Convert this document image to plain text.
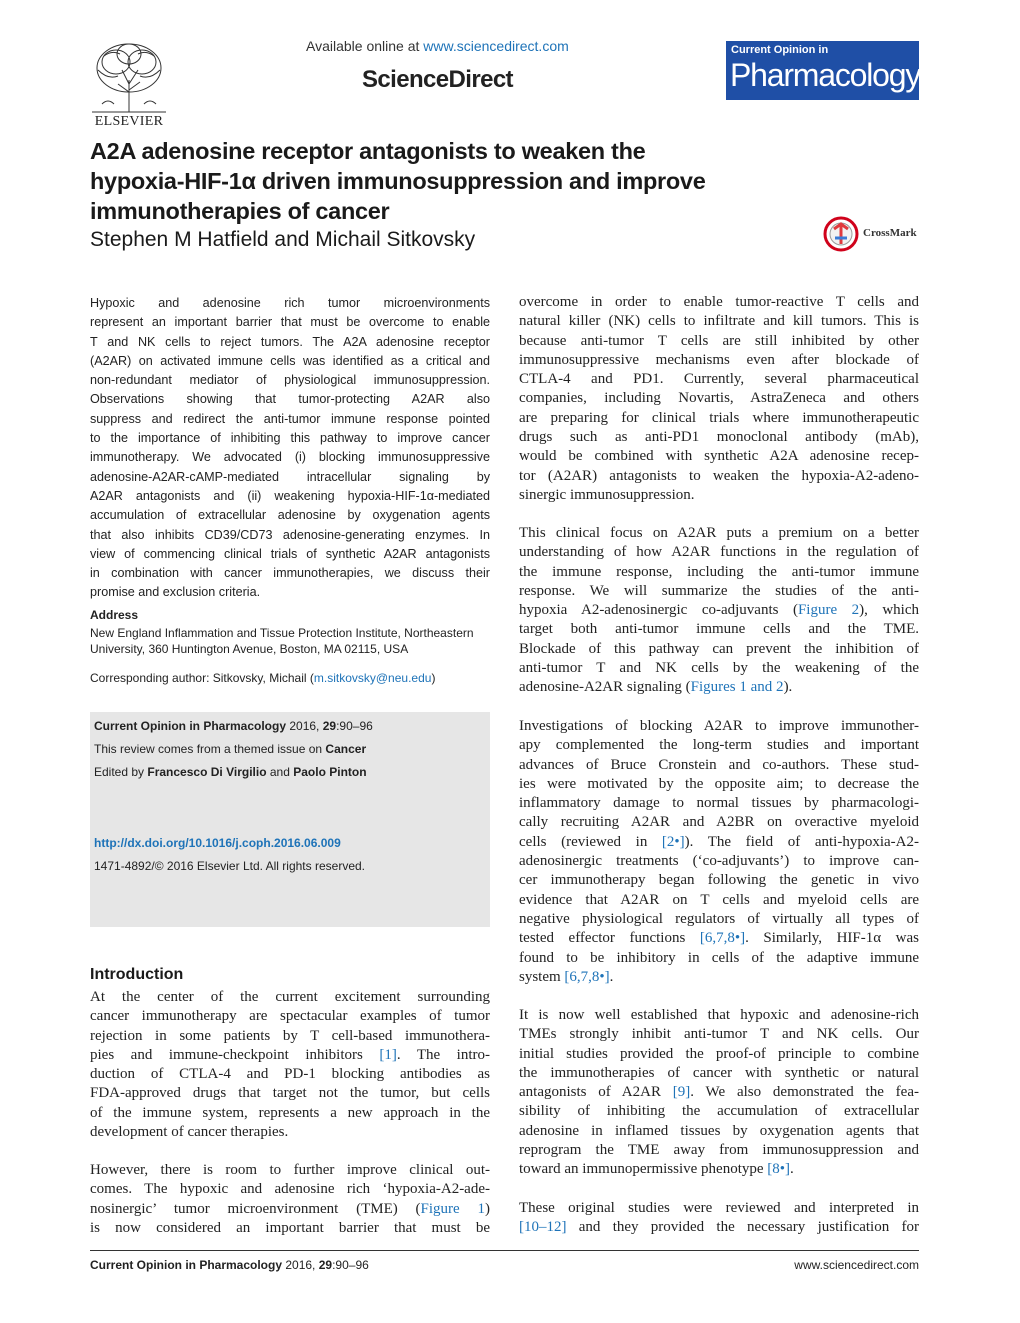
ELSEVIER
Available online at www.sciencedirect.com
ScienceDirect
Current Opinion in
Pharmacology
A2A adenosine receptor antagonists to weaken the
hypoxia-HIF-1α driven immunosuppression and improve
immunotherapies of cancer
Stephen M Hatfield and Michail Sitkovsky	CrossMark
Hypoxic and adenosine rich tumor microenvironments
represent an important barrier that must be overcome to enable
T and NK cells to reject tumors. The A2A adenosine receptor
(A2AR) on activated immune cells was identified as a critical and
non-redundant mediator of physiological immunosuppression.
Observations showing that tumor-protecting A2AR also
suppress and redirect the anti-tumor immune response pointed
to the importance of inhibiting this pathway to improve cancer
immunotherapy. We advocated (i) blocking immunosuppressive
adenosine-A2AR-cAMP-mediated intracellular signaling by
A2AR antagonists and (ii) weakening hypoxia-HIF-1α-mediated
accumulation of extracellular adenosine by oxygenation agents
that also inhibits CD39/CD73 adenosine-generating enzymes. In
view of commencing clinical trials of synthetic A2AR antagonists
in combination with cancer immunotherapies, we discuss their
promise and exclusion criteria.
Address
New England Inflammation and Tissue Protection Institute, Northeastern
University, 360 Huntington Avenue, Boston, MA 02115, USA
Corresponding author: Sitkovsky, Michail (m.sitkovsky@neu.edu)
Current Opinion in Pharmacology 2016, 29:90–96
This review comes from a themed issue on Cancer
Edited by Francesco Di Virgilio and Paolo Pinton
http://dx.doi.org/10.1016/j.coph.2016.06.009
1471-4892/© 2016 Elsevier Ltd. All rights reserved.
Introduction
At the center of the current excitement surrounding
cancer immunotherapy are spectacular examples of tumor
rejection in some patients by T cell-based immunothera-
pies and immune-checkpoint inhibitors [1]. The intro-
duction of CTLA-4 and PD-1 blocking antibodies as
FDA-approved drugs that target not the tumor, but cells
of the immune system, represents a new approach in the
development of cancer therapies.
However, there is room to further improve clinical out-
comes. The hypoxic and adenosine rich ‘hypoxia-A2-ade-
nosinergic’ tumor microenvironment (TME) (Figure 1)
is now considered an important barrier that must be
overcome in order to enable tumor-reactive T cells and
natural killer (NK) cells to infiltrate and kill tumors. This is
because anti-tumor T cells are still inhibited by other
immunosuppressive mechanisms even after blockade of
CTLA-4 and PD1. Currently, several pharmaceutical
companies, including Novartis, AstraZeneca and others
are preparing for clinical trials where immunotherapeutic
drugs such as anti-PD1 monoclonal antibody (mAb),
would be combined with synthetic A2A adenosine recep-
tor (A2AR) antagonists to weaken the hypoxia-A2-adeno-
sinergic immunosuppression.
This clinical focus on A2AR puts a premium on a better
understanding of how A2AR functions in the regulation of
the immune response, including the anti-tumor immune
response. We will summarize the studies of the anti-
hypoxia A2-adenosinergic co-adjuvants (Figure 2), which
target both anti-tumor immune cells and the TME.
Blockade of this pathway can prevent the inhibition of
anti-tumor T and NK cells by the weakening of the
adenosine-A2AR signaling (Figures 1 and 2).
Investigations of blocking A2AR to improve immunother-
apy complemented the long-term studies and important
advances of Bruce Cronstein and co-authors. These stud-
ies were motivated by the opposite aim; to decrease the
inflammatory damage to normal tissues by pharmacologi-
cally recruiting A2AR and A2BR on overactive myeloid
cells (reviewed in [2•]). The field of anti-hypoxia-A2-
adenosinergic treatments (‘co-adjuvants’) to improve can-
cer immunotherapy began following the genetic in vivo
evidence that A2AR on T cells and myeloid cells are
negative physiological regulators of virtually all types of
tested effector functions [6,7,8•]. Similarly, HIF-1α was
found to be inhibitory in cells of the adaptive immune
system [6,7,8•].
It is now well established that hypoxic and adenosine-rich
TMEs strongly inhibit anti-tumor T and NK cells. Our
initial studies provided the proof-of principle to combine
the immunotherapies of cancer with synthetic or natural
antagonists of A2AR [9]. We also demonstrated the fea-
sibility of inhibiting the accumulation of extracellular
adenosine in inflamed tissues by oxygenation agents that
reprogram the TME away from immunosuppression and
toward an immunopermissive phenotype [8•].
These original studies were reviewed and interpreted in
[10–12] and they provided the necessary justification for
Current Opinion in Pharmacology 2016, 29:90–96	www.sciencedirect.com
